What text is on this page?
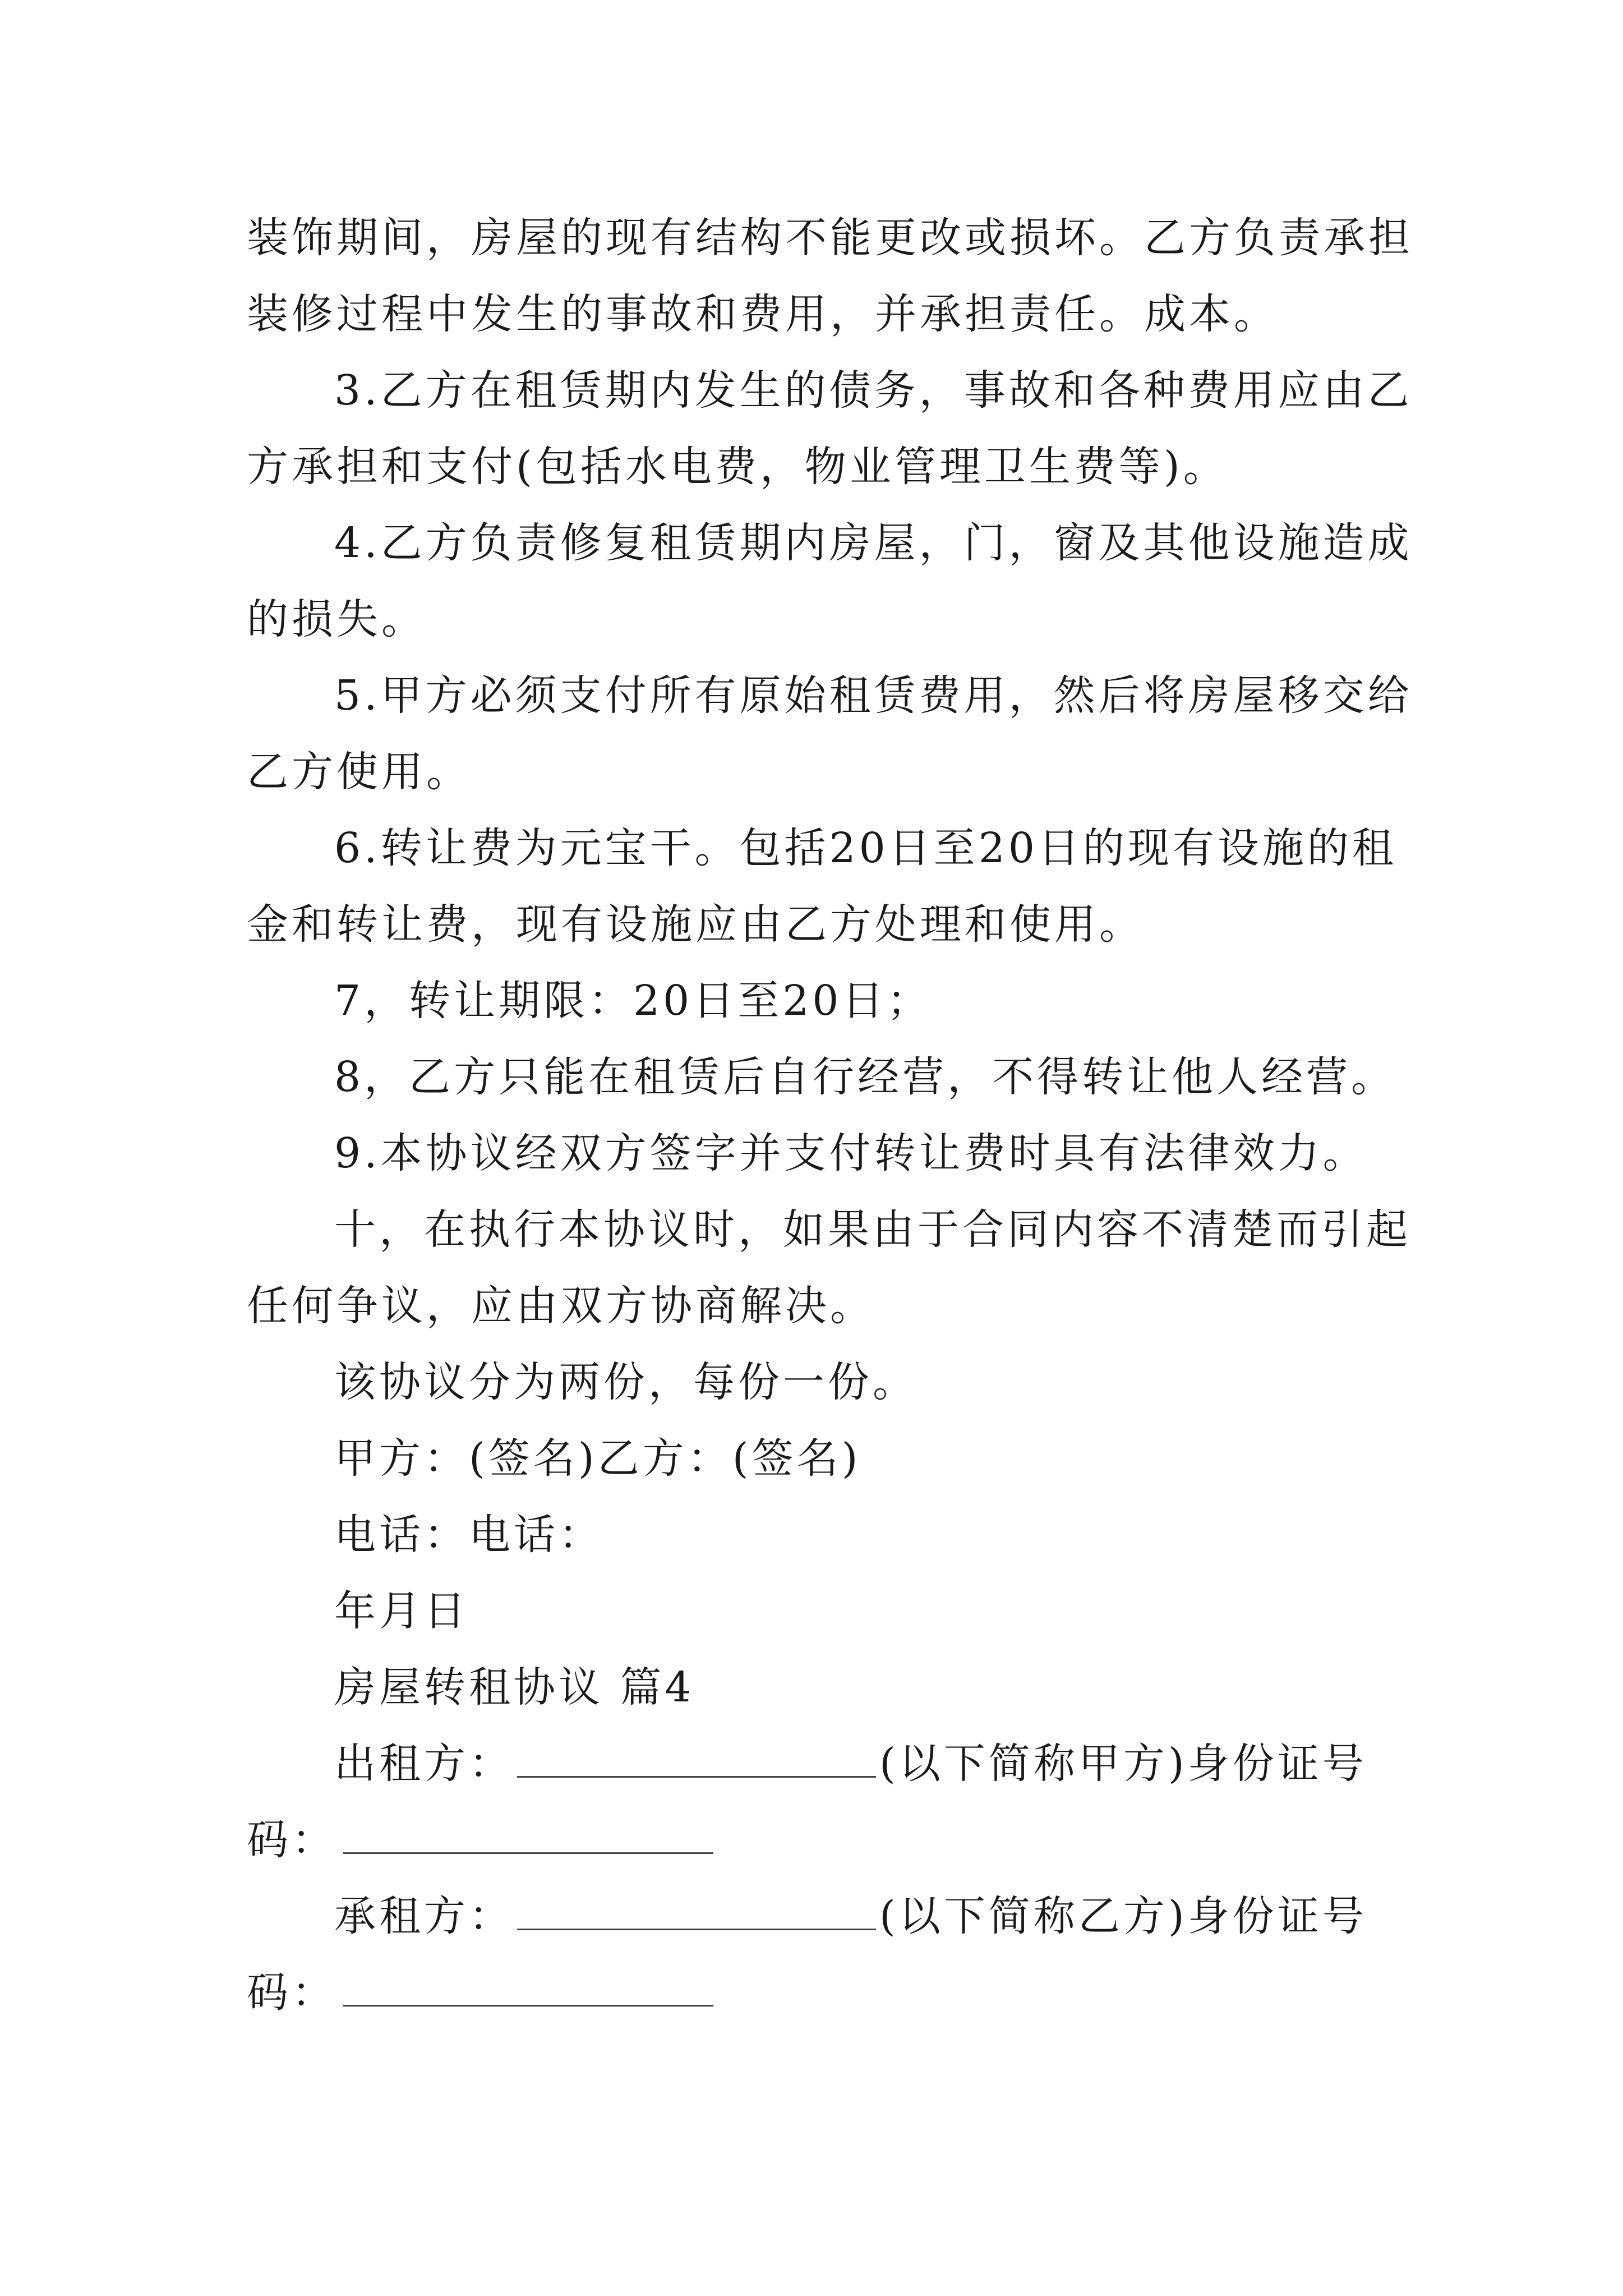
装饰期间，房屋的现有结构不能更改或损坏。乙方负责承担
装修过程中发生的事故和费用，并承担责任。成本。
3.乙方在租赁期内发生的债务，事故和各种费用应由乙
方承担和支付(包括水电费，物业管理卫生费等)。
4.乙方负责修复租赁期内房屋，门，窗及其他设施造成
的损失。
5.甲方必须支付所有原始租赁费用，然后将房屋移交给
乙方使用。
6.转让费为元宝干。包括20日至20日的现有设施的租
金和转让费，现有设施应由乙方处理和使用。
7，转让期限：20日至20日；
8，乙方只能在租赁后自行经营，不得转让他人经营。
9.本协议经双方签字并支付转让费时具有法律效力。
十，在执行本协议时，如果由于合同内容不清楚而引起
任何争议，应由双方协商解决。
该协议分为两份，每份一份。
甲方：(签名)乙方：(签名)
电话：电话：
年月日
房屋转租协议 篇4
出租方：	(以下简称甲方)身份证号
码：
承租方：	(以下简称乙方)身份证号
码：
